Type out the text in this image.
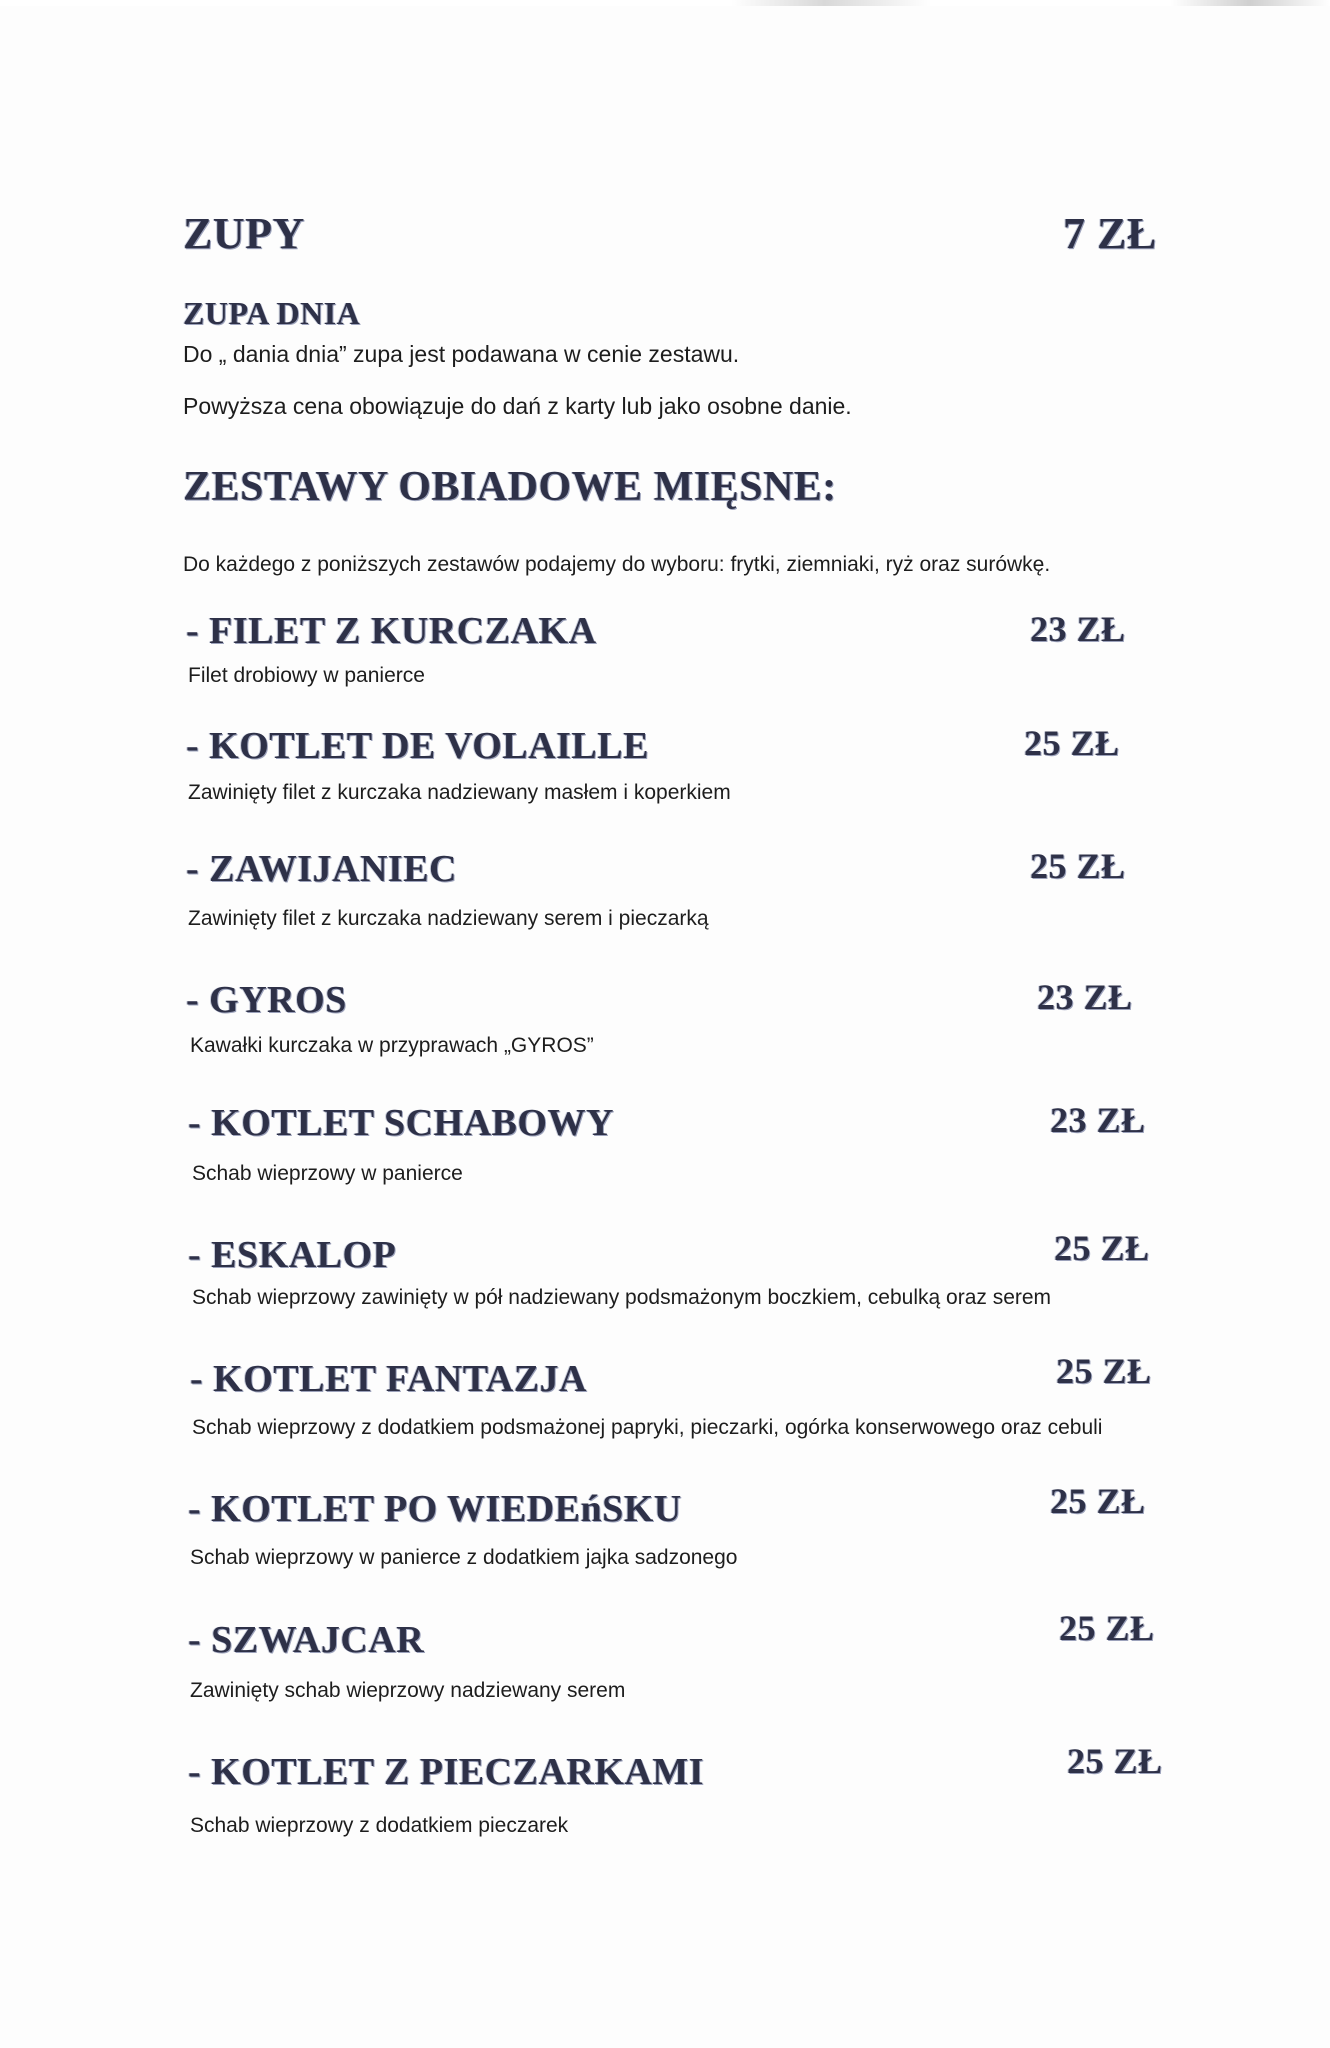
ZUPY	7 ZŁ
ZUPA DNIA
Do „ dania dnia” zupa jest podawana w cenie zestawu.
Powyższa cena obowiązuje do dań z karty lub jako osobne danie.
ZESTAWY OBIADOWE MIĘSNE:
Do każdego z poniższych zestawów podajemy do wyboru: frytki, ziemniaki, ryż oraz surówkę.
- FILET Z KURCZAKA	23 ZŁ
Filet drobiowy w panierce
- KOTLET DE VOLAILLE	25 ZŁ
Zawinięty filet z kurczaka nadziewany masłem i koperkiem
- ZAWIJANIEC	25 ZŁ
Zawinięty filet z kurczaka nadziewany serem i pieczarką
- GYROS	23 ZŁ
Kawałki kurczaka w przyprawach „GYROS”
- KOTLET SCHABOWY	23 ZŁ
Schab wieprzowy w panierce
- ESKALOP	25 ZŁ
Schab wieprzowy zawinięty w pół nadziewany podsmażonym boczkiem, cebulką oraz serem
- KOTLET FANTAZJA	25 ZŁ
Schab wieprzowy z dodatkiem podsmażonej papryki, pieczarki, ogórka konserwowego oraz cebuli
- KOTLET PO WIEDEńSKU	25 ZŁ
Schab wieprzowy w panierce z dodatkiem jajka sadzonego
- SZWAJCAR	25 ZŁ
Zawinięty schab wieprzowy nadziewany serem
- KOTLET Z PIECZARKAMI	25 ZŁ
Schab wieprzowy z dodatkiem pieczarek
